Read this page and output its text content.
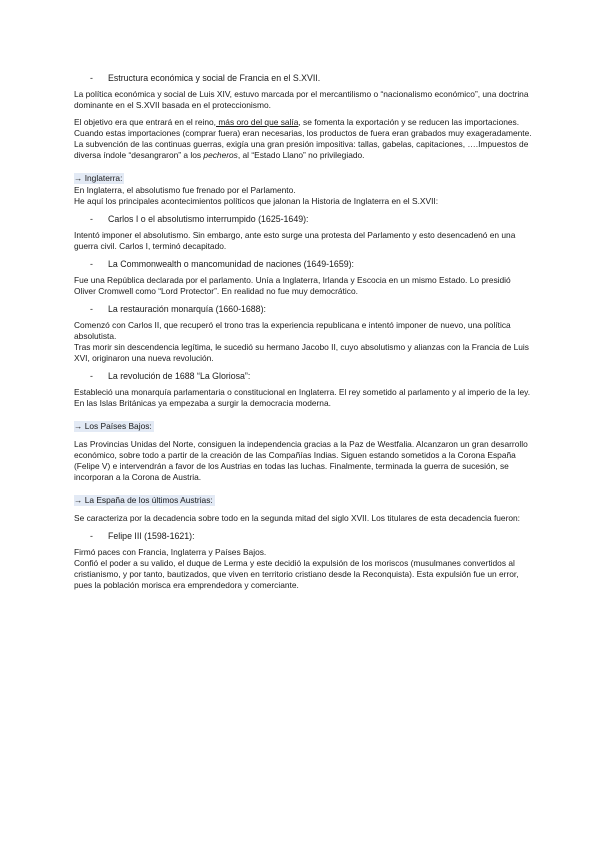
-	Estructura económica y social de Francia en el S.XVII.

La política económica y social de Luis XIV, estuvo marcada por el mercantilismo o “nacionalismo económico”, una doctrina dominante en el S.XVII basada en el proteccionismo.

El objetivo era que entrará en el reino, más oro del que salía, se fomenta la exportación y se reducen las importaciones. Cuando estas importaciones (comprar fuera) eran necesarias, los productos de fuera eran grabados muy exageradamente.

La subvención de las continuas guerras, exigía una gran presión impositiva: tallas, gabelas, capitaciones, ….Impuestos de diversa índole “desangraron” a los pecheros, al “Estado Llano” no privilegiado.

→ Inglaterra:

En Inglaterra, el absolutismo fue frenado por el Parlamento.

He aquí los principales acontecimientos políticos que jalonan la Historia de Inglaterra en el S.XVII:

-	Carlos I o el absolutismo interrumpido (1625-1649):

Intentó imponer el absolutismo. Sin embargo, ante esto surge una protesta del Parlamento y esto desencadenó en una guerra civil. Carlos I, terminó decapitado.

-	La Commonwealth o mancomunidad de naciones (1649-1659):

Fue una República declarada por el parlamento. Unía a Inglaterra, Irlanda y Escocia en un mismo Estado. Lo presidió Oliver Cromwell como “Lord Protector”. En realidad no fue muy democrático.

-	La restauración monarquía (1660-1688):

Comenzó con Carlos II, que recuperó el trono tras la experiencia republicana e intentó imponer de nuevo, una política absolutista.

Tras morir sin descendencia legítima, le sucedió su hermano Jacobo II, cuyo absolutismo y alianzas con la Francia de Luis XVI, originaron una nueva revolución.

-	La revolución de 1688 “La Gloriosa”:

Estableció una monarquía parlamentaria o constitucional en Inglaterra. El rey sometido al parlamento y al imperio de la ley. En las Islas Británicas ya empezaba a surgir la democracia moderna.

→ Los Países Bajos:

Las Provincias Unidas del Norte, consiguen la independencia gracias a la Paz de Westfalia. Alcanzaron un gran desarrollo económico, sobre todo a partir de la creación de las Compañías Indias. Siguen estando sometidos a la Corona España (Felipe V) e intervendrán a favor de los Austrias en todas las luchas. Finalmente, terminada la guerra de sucesión, se incorporan a la Corona de Austria.

→ La España de los últimos Austrias:

Se caracteriza por la decadencia sobre todo en la segunda mitad del siglo XVII. Los titulares de esta decadencia fueron:

-	Felipe III (1598-1621):

Firmó paces con Francia, Inglaterra y Países Bajos.

Confió el poder a su valido, el duque de Lerma y este decidió la expulsión de los moriscos (musulmanes convertidos al cristianismo, y por tanto, bautizados, que viven en territorio cristiano desde la Reconquista). Esta expulsión fue un error, pues la población morisca era emprendedora y comerciante.
